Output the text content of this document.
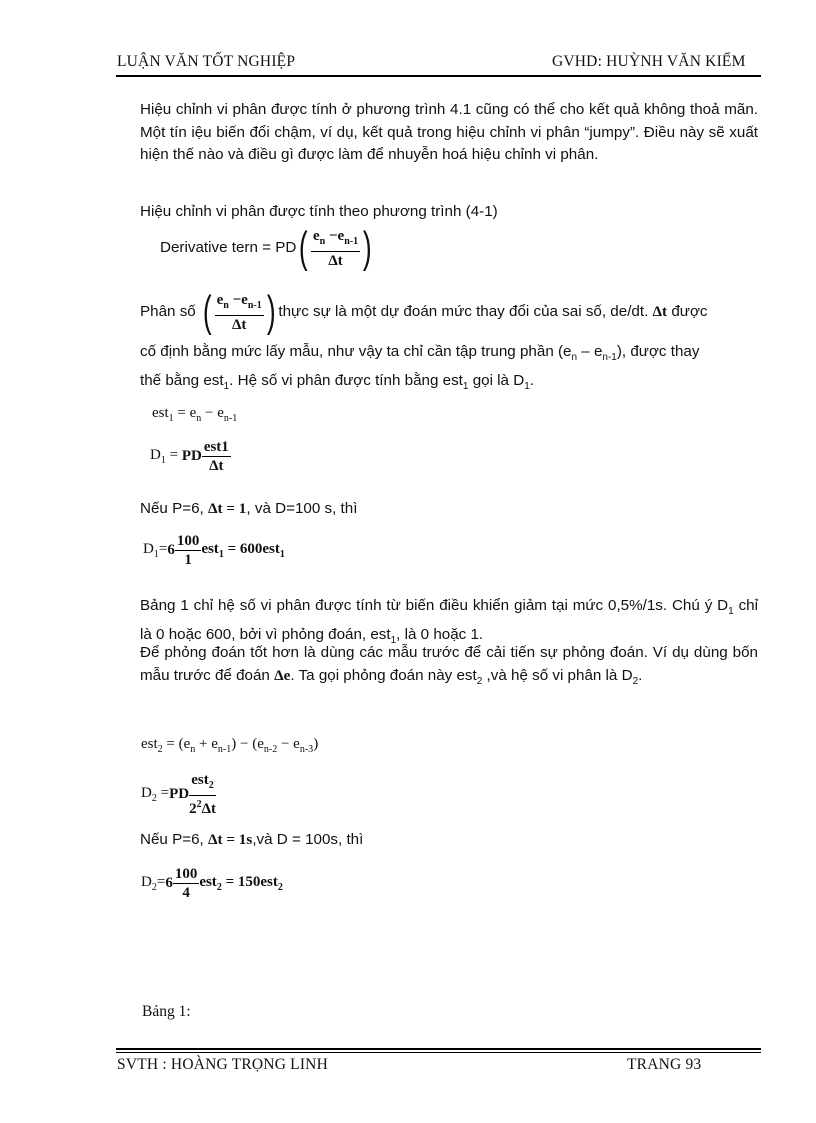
LUẬN VĂN TỐT NGHIỆP	GVHD: HUỲNH VĂN KIỂM
Hiệu chỉnh vi phân được tính ở phương trình 4.1 cũng có thể cho kết quả không thoả mãn. Một tín iệu biến đổi chậm, ví dụ, kết quả trong hiệu chỉnh vi phân “jumpy”. Điều này sẽ xuất hiện thế nào và điều gì được làm để nhuyễn hoá hiệu chỉnh vi phân.
Hiệu chỉnh vi phân được tính theo phương trình (4-1)
Derivative tern = $PD( \frac{e_n -e_{n-1}}{\Delta t}$ )
Phân số ( $\frac{e_n -e_{n-1}}{\Delta t}$ ) thực sự là một dự đoán mức thay đổi của sai số, de/dt. Δt được
cố định bằng mức lấy mẫu, như vậy ta chỉ cần tập trung phần $(e_n - e_{n-1})$, được thay
thế bằng est$_1$. Hệ số vi phân được tính bằng est$_1$ gọi là $D_1$.
$est_1 = e_n - e_{n-1}$
$D_1$ = PD $\frac{\text{est1}}{\Delta t}$
Nếu P=6, Δt = 1, và D=100 s, thì
$D_1=6 \frac{100}{1} est_1 = 600est_1$
Bảng 1 chỉ hệ số vi phân được tính từ biến điều khiển giảm tại mức 0,5%/1s. Chú ý $D_1$ chỉ là 0 hoặc 600, bởi vì phỏng đoán, est$_1$, là 0 hoặc 1.
Để phỏng đoán tốt hơn là dùng các mẫu trước để cải tiến sự phỏng đoán. Ví dụ dùng bốn mẫu trước để đoán Δe. Ta gọi phỏng đoán này est$_2$ ,và hệ số vi phân là $D_2$.
$est_2 = (e_n + e_{n-1}) - (e_{n-2} - e_{n-3})$
$D_2 =PD \frac{est_2}{2^2\Delta t}$
Nếu P=6, Δt = 1s,và D = 100s, thì
$D_2=6 \frac{100}{4} est_2 = 150est_2$
Bảng 1:
SVTH : HOÀNG TRỌNG LINH	TRANG 93
